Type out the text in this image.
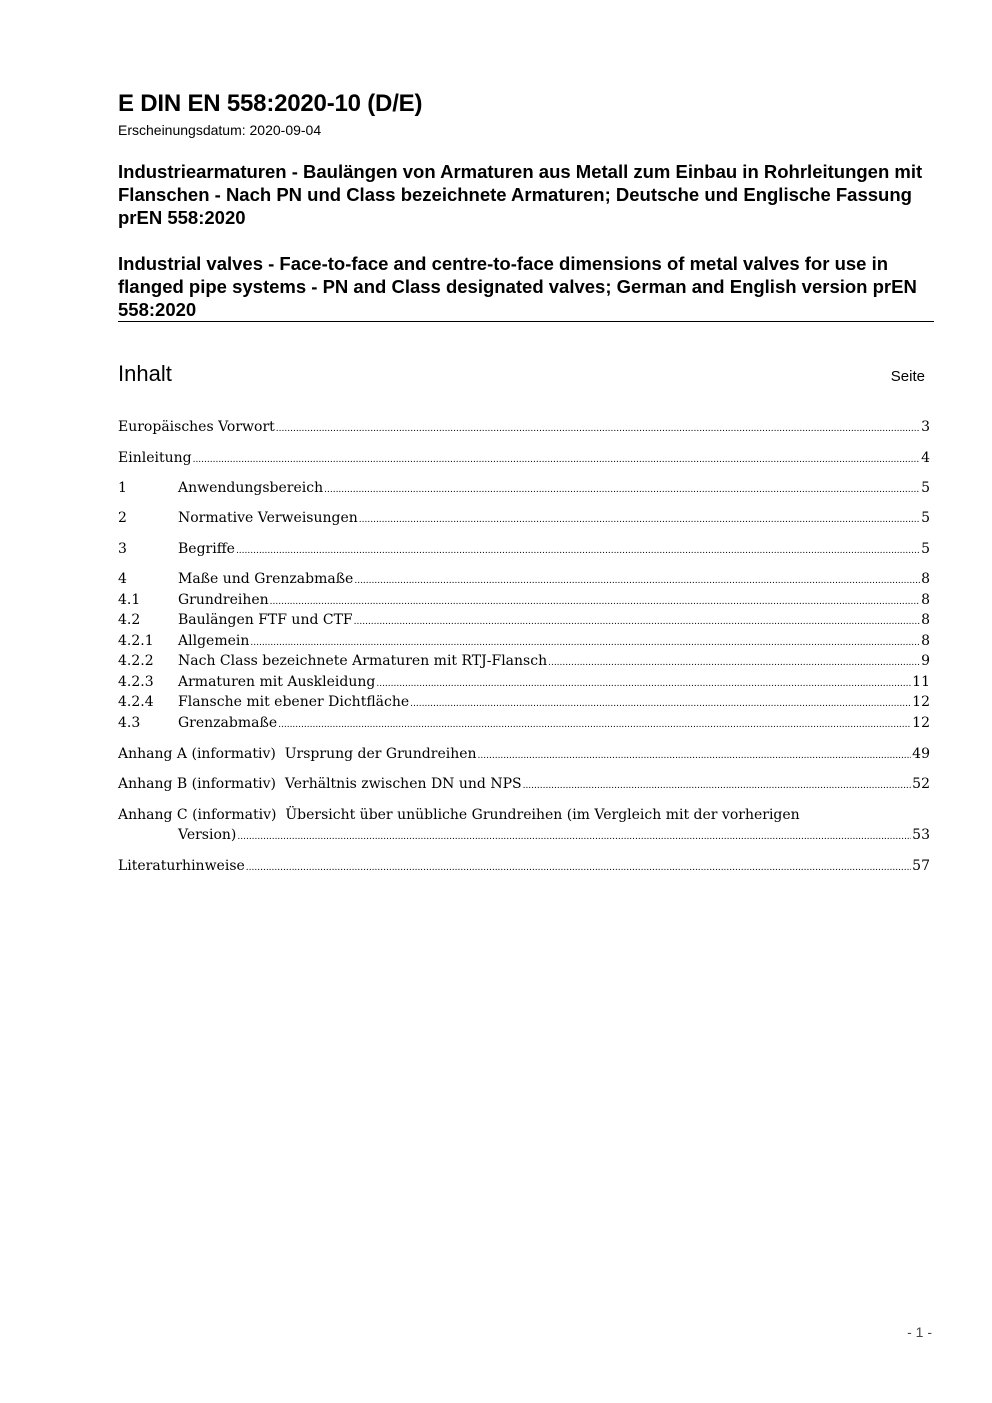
E DIN EN 558:2020-10 (D/E)
Erscheinungsdatum: 2020-09-04
Industriearmaturen - Baulängen von Armaturen aus Metall zum Einbau in Rohrleitungen mit Flanschen - Nach PN und Class bezeichnete Armaturen; Deutsche und Englische Fassung prEN 558:2020
Industrial valves - Face-to-face and centre-to-face dimensions of metal valves for use in flanged pipe systems - PN and Class designated valves; German and English version prEN 558:2020
Inhalt	Seite
Europäisches Vorwort .....	3
Einleitung .....	4
1	Anwendungsbereich .....	5
2	Normative Verweisungen .....	5
3	Begriffe .....	5
4	Maße und Grenzabmaße .....	8
4.1	Grundreihen .....	8
4.2	Baulängen FTF und CTF .....	8
4.2.1	Allgemein .....	8
4.2.2	Nach Class bezeichnete Armaturen mit RTJ-Flansch .....	9
4.2.3	Armaturen mit Auskleidung .....	11
4.2.4	Flansche mit ebener Dichtfläche .....	12
4.3	Grenzabmaße .....	12
Anhang A (informativ)  Ursprung der Grundreihen .....	49
Anhang B (informativ)  Verhältnis zwischen DN und NPS .....	52
Anhang C (informativ)  Übersicht über unübliche Grundreihen (im Vergleich mit der vorherigen
Version) .....	53
Literaturhinweise .....	57
- 1 -
